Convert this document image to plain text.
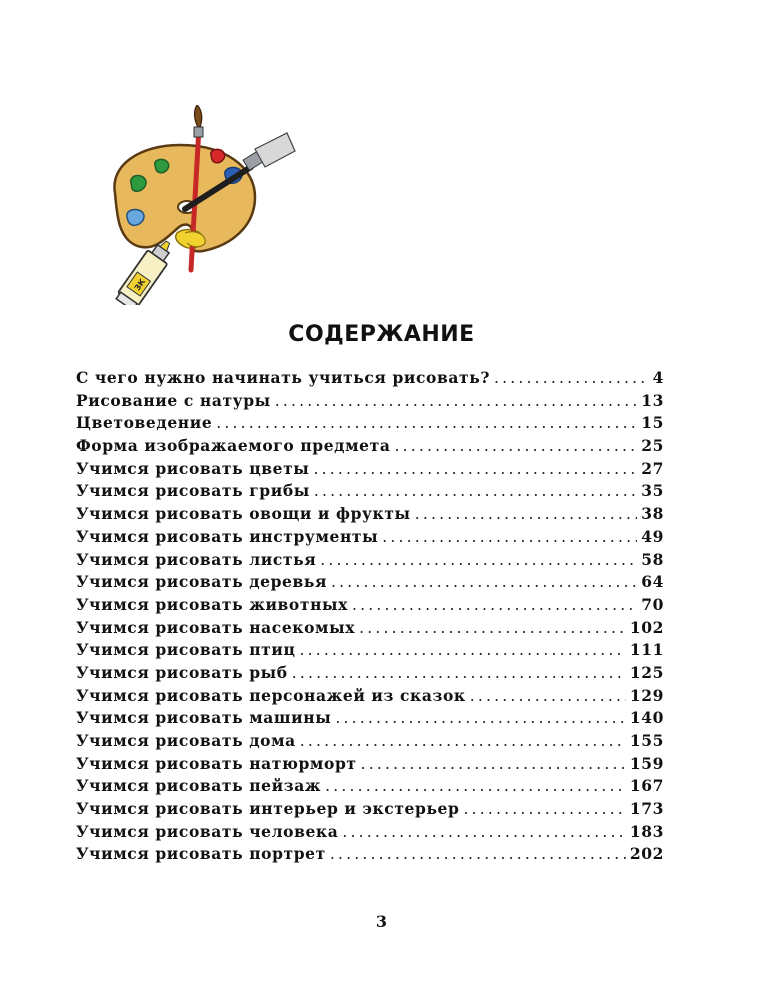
ЗК
СОДЕРЖАНИЕ
С чего нужно начинать учиться рисовать? .....	4
Рисование с натуры .....	13
Цветоведение .....	15
Форма изображаемого предмета .....	25
Учимся рисовать цветы .....	27
Учимся рисовать грибы .....	35
Учимся рисовать овощи и фрукты .....	38
Учимся рисовать инструменты .....	49
Учимся рисовать листья .....	58
Учимся рисовать деревья .....	64
Учимся рисовать животных .....	70
Учимся рисовать насекомых .....	102
Учимся рисовать птиц .....	111
Учимся рисовать рыб .....	125
Учимся рисовать персонажей из сказок .....	129
Учимся рисовать машины .....	140
Учимся рисовать дома .....	155
Учимся рисовать натюрморт .....	159
Учимся рисовать пейзаж .....	167
Учимся рисовать интерьер и экстерьер .....	173
Учимся рисовать человека .....	183
Учимся рисовать портрет .....	202
3
